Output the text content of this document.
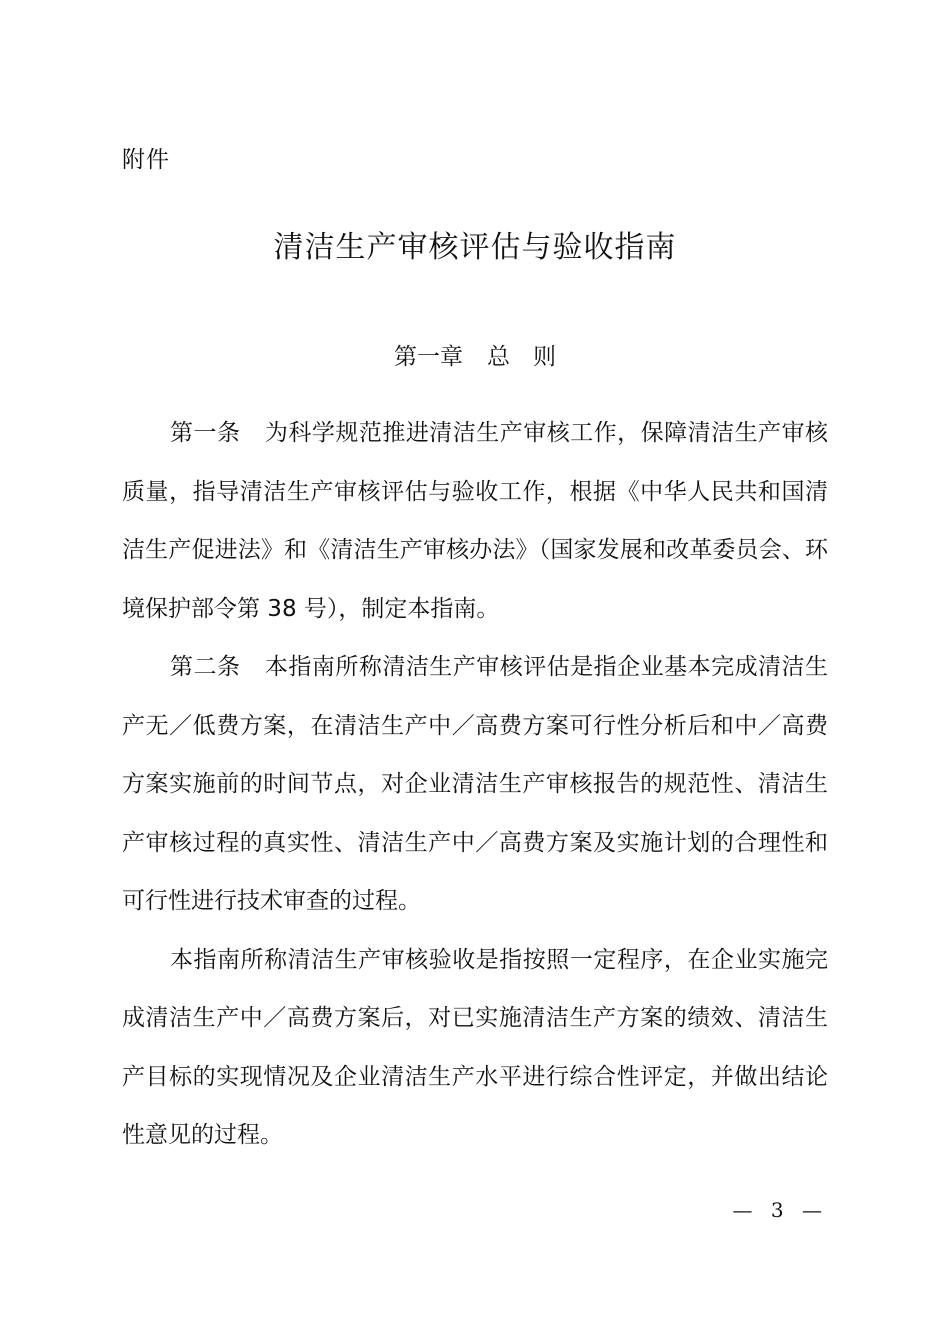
附件
清洁生产审核评估与验收指南
第一章 总　则

第一条 为科学规范推进清洁生产审核工作，保障清洁生产审核质量，指导清洁生产审核评估与验收工作，根据《中华人民共和国清洁生产促进法》和《清洁生产审核办法》（国家发展和改革委员会、环境保护部令第 38 号），制定本指南。

第二条 本指南所称清洁生产审核评估是指企业基本完成清洁生产无／低费方案，在清洁生产中／高费方案可行性分析后和中／高费方案实施前的时间节点，对企业清洁生产审核报告的规范性、清洁生产审核过程的真实性、清洁生产中／高费方案及实施计划的合理性和可行性进行技术审查的过程。

本指南所称清洁生产审核验收是指按照一定程序，在企业实施完成清洁生产中／高费方案后，对已实施清洁生产方案的绩效、清洁生产目标的实现情况及企业清洁生产水平进行综合性评定，并做出结论性意见的过程。

— 3 —
